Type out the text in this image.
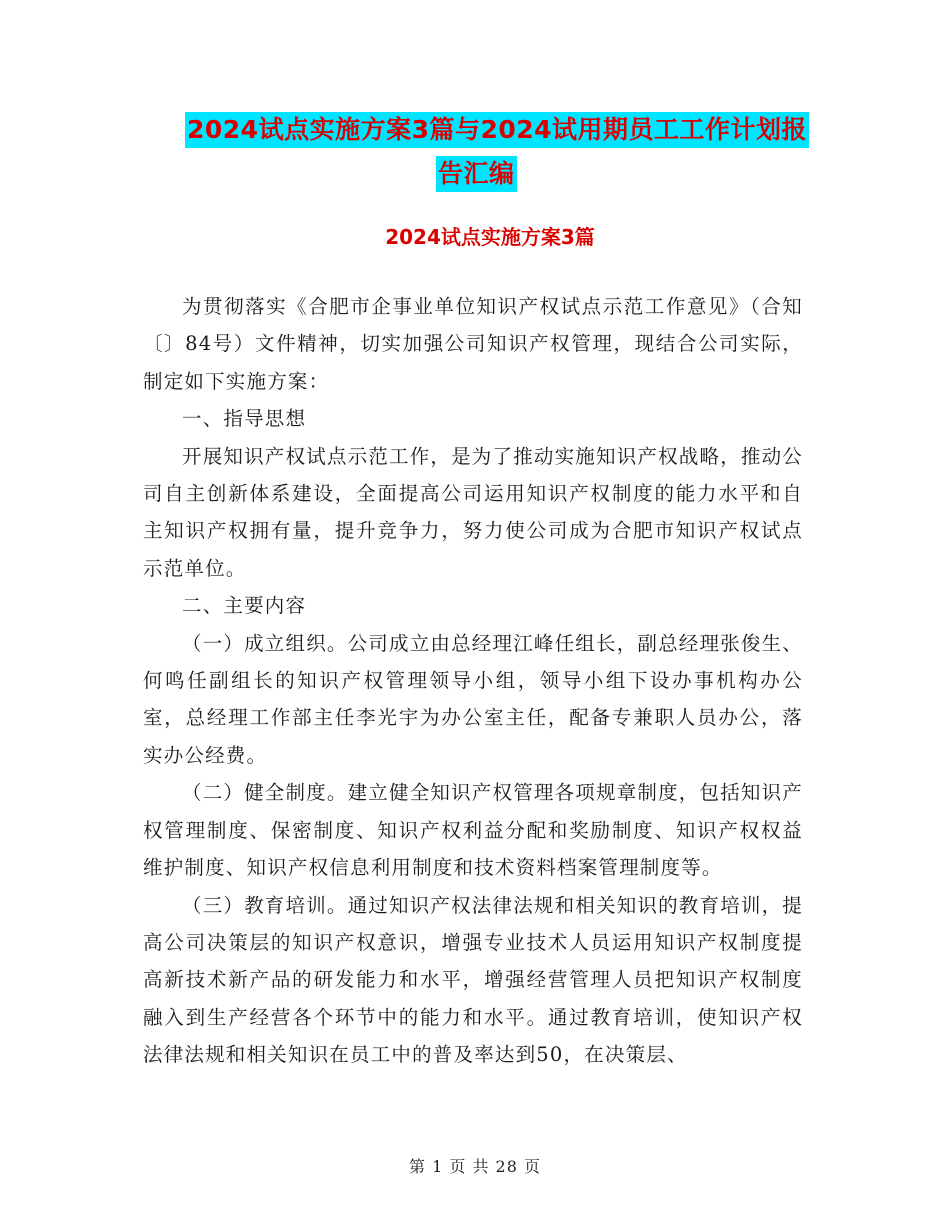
2024试点实施方案3篇与2024试用期员工工作计划报
告汇编
2024试点实施方案3篇

为贯彻落实《合肥市企事业单位知识产权试点示范工作意见》（合知〔〕84号）文件精神，切实加强公司知识产权管理，现结合公司实际，制定如下实施方案：

一、指导思想

开展知识产权试点示范工作，是为了推动实施知识产权战略，推动公司自主创新体系建设，全面提高公司运用知识产权制度的能力水平和自主知识产权拥有量，提升竞争力，努力使公司成为合肥市知识产权试点示范单位。

二、主要内容

（一）成立组织。公司成立由总经理江峰任组长，副总经理张俊生、何鸣任副组长的知识产权管理领导小组，领导小组下设办事机构办公室，总经理工作部主任李光宇为办公室主任，配备专兼职人员办公，落实办公经费。

（二）健全制度。建立健全知识产权管理各项规章制度，包括知识产权管理制度、保密制度、知识产权利益分配和奖励制度、知识产权权益维护制度、知识产权信息利用制度和技术资料档案管理制度等。

（三）教育培训。通过知识产权法律法规和相关知识的教育培训，提高公司决策层的知识产权意识，增强专业技术人员运用知识产权制度提高新技术新产品的研发能力和水平，增强经营管理人员把知识产权制度融入到生产经营各个环节中的能力和水平。通过教育培训，使知识产权法律法规和相关知识在员工中的普及率达到50，在决策层、

第 1 页 共 28 页
